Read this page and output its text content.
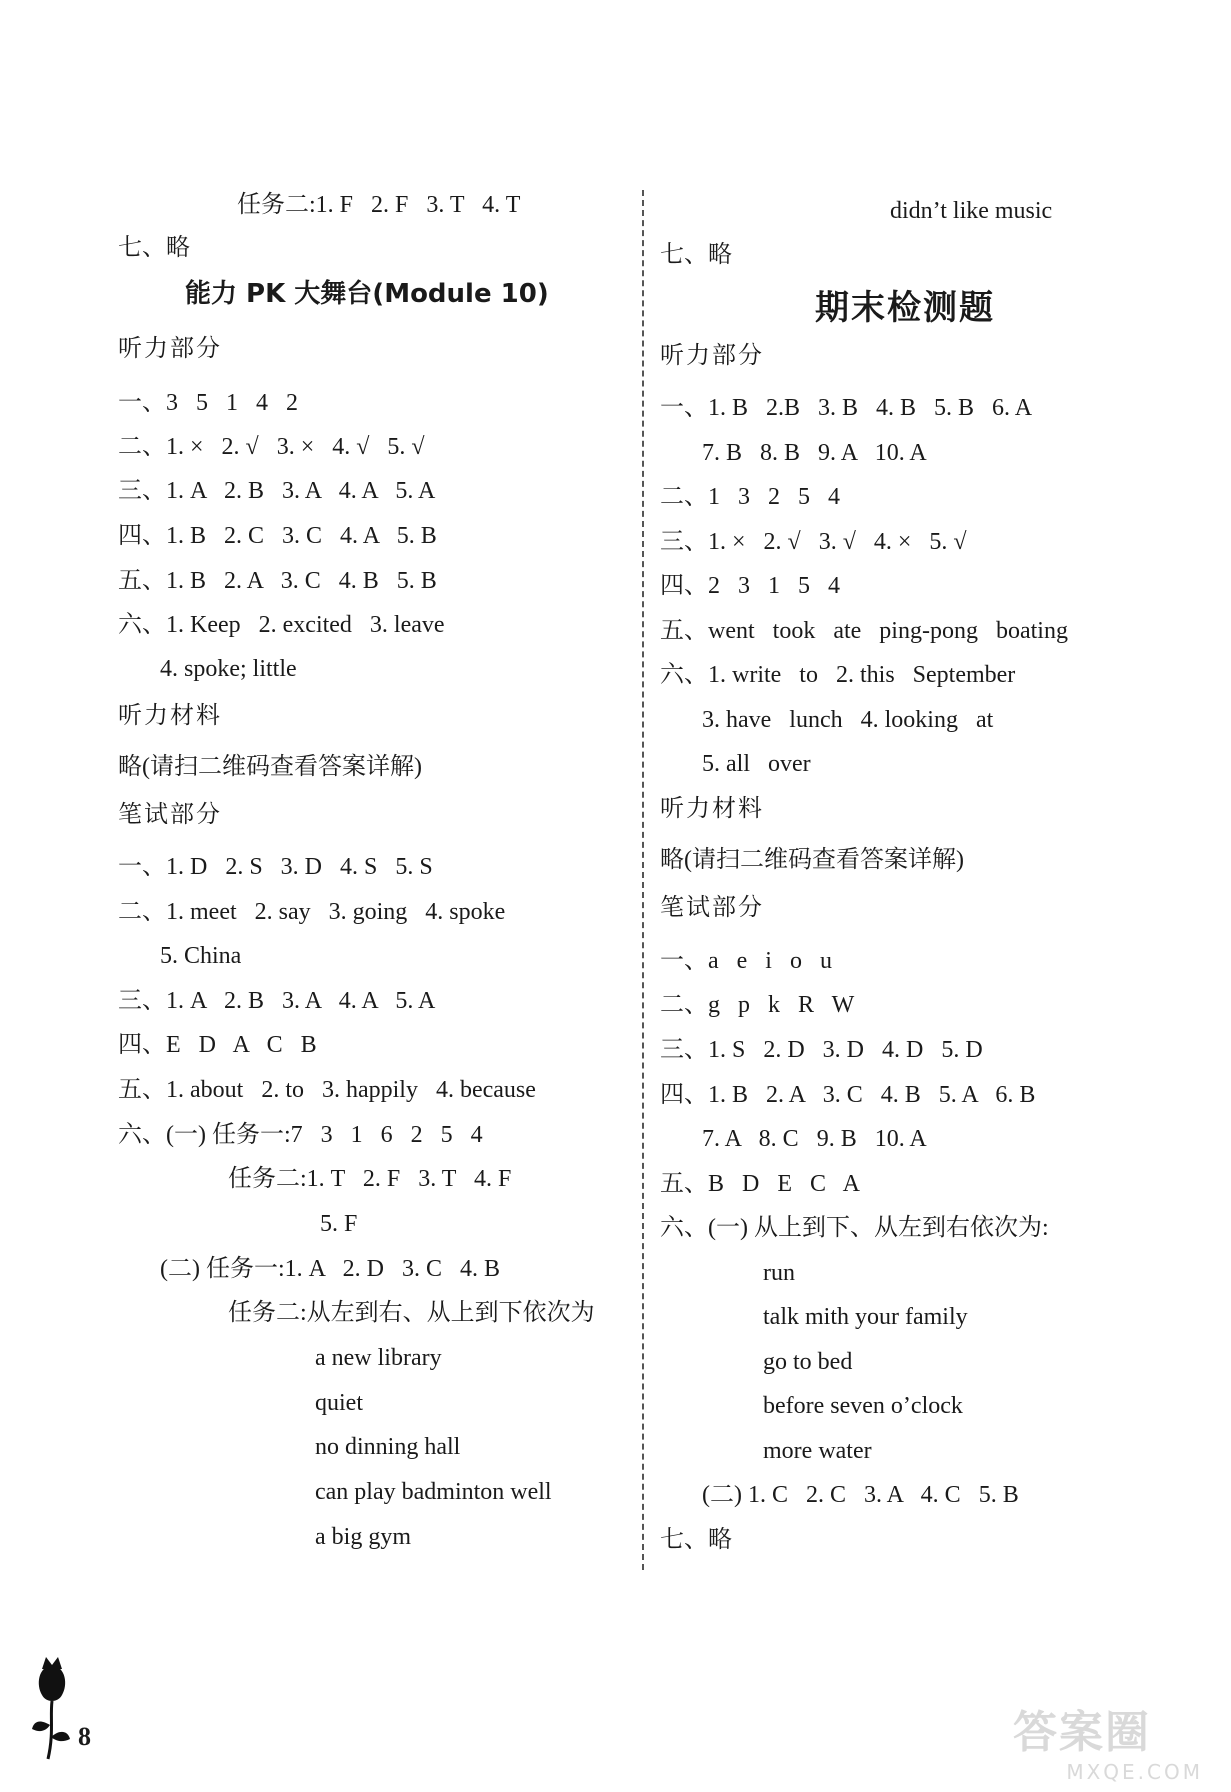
任务二:1. F   2. F   3. T   4. T
七、略
能力 PK 大舞台(Module 10)
听力部分
一、3   5   1   4   2
二、1. ×   2. √   3. ×   4. √   5. √
三、1. A   2. B   3. A   4. A   5. A
四、1. B   2. C   3. C   4. A   5. B
五、1. B   2. A   3. C   4. B   5. B
六、1. Keep   2. excited   3. leave
4. spoke; little
听力材料
略(请扫二维码查看答案详解)
笔试部分
一、1. D   2. S   3. D   4. S   5. S
二、1. meet   2. say   3. going   4. spoke
5. China
三、1. A   2. B   3. A   4. A   5. A
四、E   D   A   C   B
五、1. about   2. to   3. happily   4. because
六、(一) 任务一:7   3   1   6   2   5   4
任务二:1. T   2. F   3. T   4. F
5. F
(二) 任务一:1. A   2. D   3. C   4. B
任务二:从左到右、从上到下依次为
a new library
quiet
no dinning hall
can play badminton well
a big gym
didn’t like music
七、略
期末检测题
听力部分
一、1. B   2.B   3. B   4. B   5. B   6. A
7. B   8. B   9. A   10. A
二、1   3   2   5   4
三、1. ×   2. √   3. √   4. ×   5. √
四、2   3   1   5   4
五、went   took   ate   ping-pong   boating
六、1. write   to   2. this   September
3. have   lunch   4. looking   at
5. all   over
听力材料
略(请扫二维码查看答案详解)
笔试部分
一、a   e   i   o   u
二、g   p   k   R   W
三、1. S   2. D   3. D   4. D   5. D
四、1. B   2. A   3. C   4. B   5. A   6. B
7. A   8. C   9. B   10. A
五、B   D   E   C   A
六、(一) 从上到下、从左到右依次为:
run
talk mith your family
go to bed
before seven o’clock
more water
(二) 1. C   2. C   3. A   4. C   5. B
七、略
8	答案圈
MXQE.COM
